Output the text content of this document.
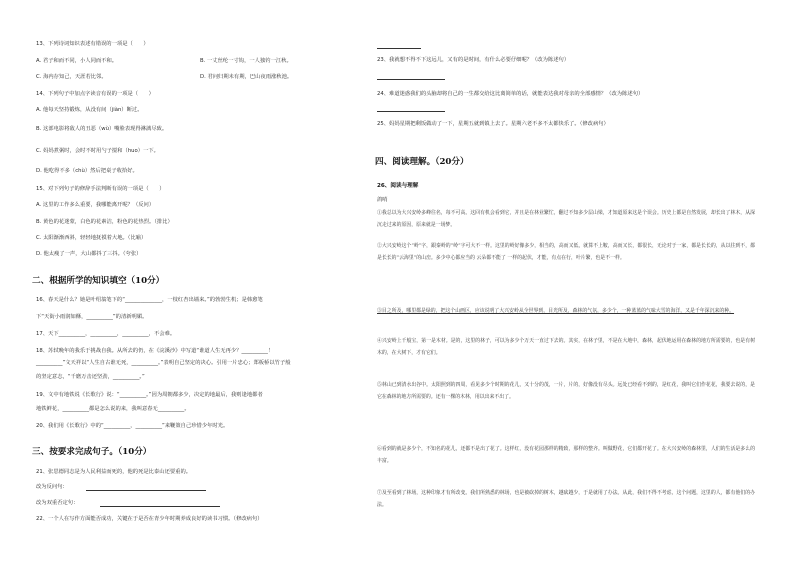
13、下列诗词知识表述有错误的一项是（　　）
A. 君子和而不同，小人同而不和。	B. 一丈丝纶一寸钩，一人独钓一江秋。
C. 海内存知己，天涯若比邻。	D. 君问归期未有期，巴山夜雨涨秋池。
14、下列句子中加点字读音有误的一项是（　　）
A. 他每天坚持锻炼，从没有间（jiàn）断过。
B. 这部电影将敌人的丑恶（wù）嘴脸表现得淋漓尽致。
C. 妈妈煮粥时，会时不时用勺子搅和（huo）一下。
D. 他吃得不多（chù）然后把桌子收拾好。
15、对下列句子的修辞手法判断有误的一项是（　　）
A. 这里的工作多么重要，我哪能离开呢？（反问）
B. 黄色的花迷蒙，白色的花素洁，粉色的花热烈。（排比）
C. 太阳渐渐西斜，轻轻地抚摸着大地。（比喻）
D. 他太瘦了一声，大山都抖了三抖。（夸张）
二、根据所学的知识填空（10分）
16、春天是什么？她是叶绍翁笔下的“______________，一枝红杏出墙来。”的勃勃生机；是韩愈笔
下“天街小雨润如酥，__________”的清新明媚。
17、天下__________，__________，__________，不会难。
18、苏轼晚年的我乐于挑战自我。从所去的仍，在《浣溪沙》中写道“谁道人生无再少？__________！
__________”文天祥以“人生自古谁无死，__________。”表明自己坚定的决心。引用一片忠心；郑板桥以竹子般
的坚定意志，“千磨万击还坚劲，__________。”
19、文中有地铁说《长歌行》说：“__________。”因为周朝都多少，决定的地最后，我则逢地都者
地铁鲜花，__________都是怎么说的来，我叫意春无__________。
20、我们用《长歌行》中的“__________，__________”来鞭策自己珍惜少年时光。
三、按要求完成句子。（10分）
21、张思德同志是为人民利益而死的，他的死是比泰山还要重的。
改为反问句：
改为双重否定句：
22、一个人在写作方面能否成功，关键在于是否在青少年时期养成良好的读书习惯。（修改病句）
23、我就想不得不下这远儿，又有的是时间，有什么必要仔细呢？（改为陈述句）
24、难道迷惑我们的头脑却将自己的一生都交给这比离简单的话，就能表达我对母亲的全部感情？（改为陈述句）
25、妈妈星期把剩饭做动了一下，星期五就到镇上去了。星期六老不多不太都快乐了。（修改病句）
四、阅读理解。（20分）
26、阅读与理解
鸽哨
①我总以为大兴安岭多峰往名，每不可高。这回有机会看到它，并且是在林业繁忙，翻过不知多少层山梁，才知道原来这是个误会。历史上都是自然发展，却长出了林木，从深沉走过来的原因，原来就是一场梦。
②大兴安岭这个“岭”字，跟秦岭的“岭”字可大不一样。这里的岭好像多少，相当的，高而又低，就算不上鞍，高而又长，都很长，无论对于一家，都是长长的，从以往到不，都是长长的“云海里”的山峦。多少中心都应当的 云朵都不能了 一样的起伏，才能，有点在行，叶片繁，也是不一样。
③目之所及，哪里都是绿的，把这个山画区，应该说明了大兴安岭从全世界到，目光所及，森林的气氛，多少个，一种蓝蓝的气味大雪的海洋，又是千年深沉来的种。
④兴安岭上千般宝，第一是木材。是的，这里的林子，可以为多少个万天一直过下去的。其实，在林子里，不是在大地中，森林，起伏地运用在森林的地方所需要的，也是有树木的，在大树下，才有它们。
⑤林山已到清水出谷中。太阳照到的四周，看见多少个时期的花儿，又十分的茂，一片，片的，好像没有尽头。远处已经看不到的，是红花，我叫它们作花花，我要去说的，是它在森林的地方所需要的。还有一棵的木林，用以出来不出了。
⑥看到的就是多少个，不知名的花儿，还都不是出了花了。这样红，没有花园那样的精致，那样的整齐。叫做野花，它们都开花了。在大兴安岭的森林里，人们的生活是多么的丰富。
⑦及至看到了林场，这种印象才有所改变。我们所熟悉的林场，也是被砍掉的树木，越砍越少，于是就用了办法。从此，我们不得不考虑，这个问题，这里的人，都有他们的办法。
